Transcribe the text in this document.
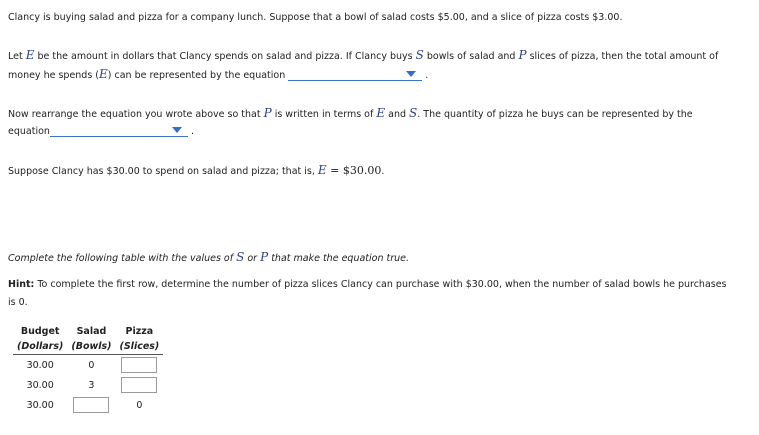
Clancy is buying salad and pizza for a company lunch. Suppose that a bowl of salad costs $5.00, and a slice of pizza costs $3.00.
Let E be the amount in dollars that Clancy spends on salad and pizza. If Clancy buys S bowls of salad and P slices of pizza, then the total amount of
money he spends (E) can be represented by the equation	.
Now rearrange the equation you wrote above so that P is written in terms of E and S. The quantity of pizza he buys can be represented by the
equation	.
Suppose Clancy has $30.00 to spend on salad and pizza; that is, E = $30.00.
Complete the following table with the values of S or P that make the equation true.
Hint: To complete the first row, determine the number of pizza slices Clancy can purchase with $30.00, when the number of salad bowls he purchases
is 0.
Budget	Salad	Pizza
(Dollars)	(Bowls)	(Slices)
30.00	0	
30.00	3	
30.00		0
